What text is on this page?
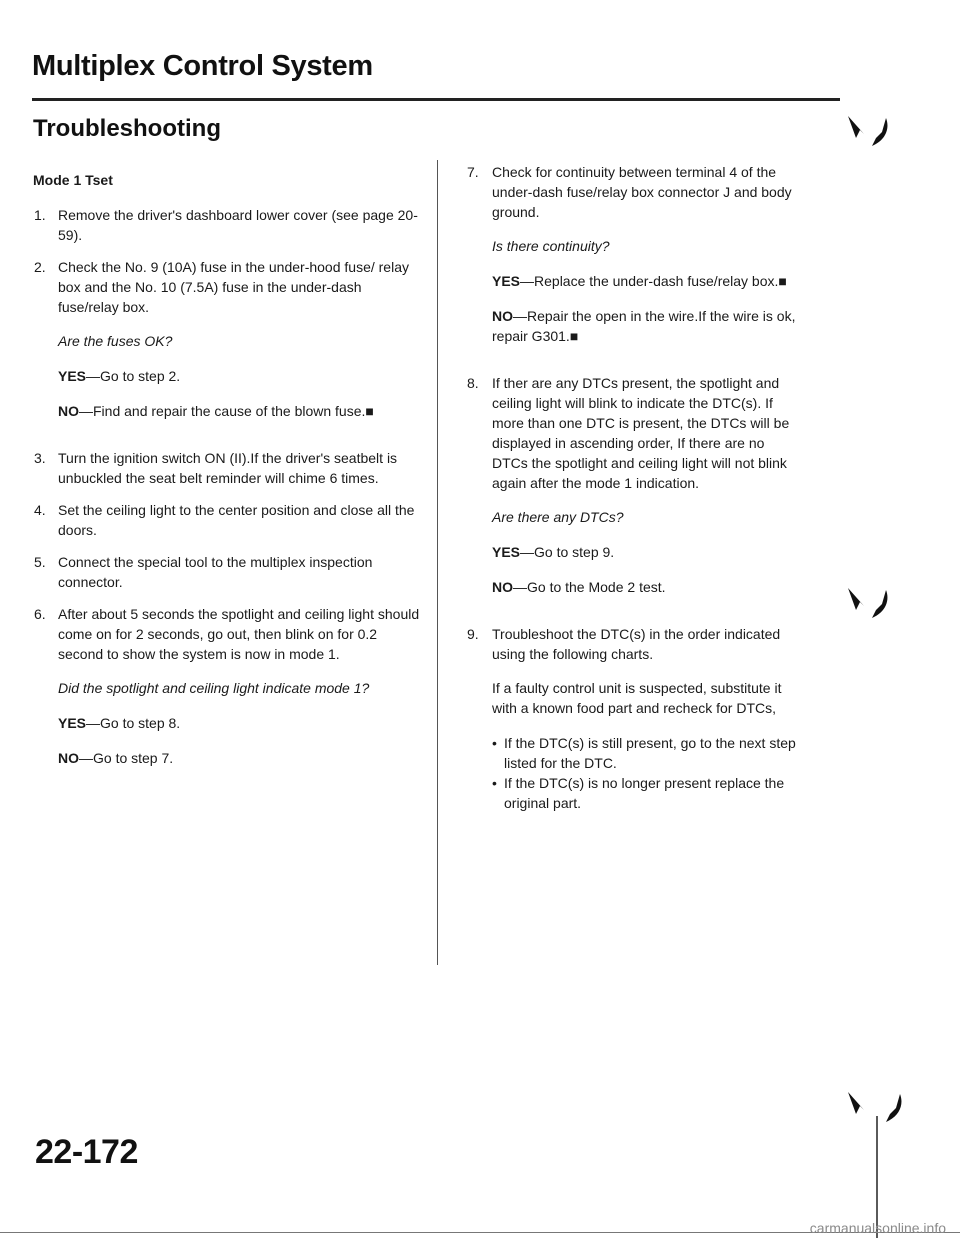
Multiplex Control System
Troubleshooting

Mode 1 Tset

1. Remove the driver's dashboard lower cover (see page 20-59).

2. Check the No. 9 (10A) fuse in the under-hood fuse/ relay box and the No. 10 (7.5A) fuse in the under-dash fuse/relay box.

Are the fuses OK?

YES—Go to step 2.

NO—Find and repair the cause of the blown fuse.■

3. Turn the ignition switch ON (II).If the driver's seatbelt is unbuckled the seat belt reminder will chime 6 times.

4. Set the ceiling light to the center position and close all the doors.

5. Connect the special tool to the multiplex inspection connector.

6. After about 5 seconds the spotlight and ceiling light should come on for 2 seconds, go out, then blink on for 0.2 second to show the system is now in mode 1.

Did the spotlight and ceiling light indicate mode 1?

YES—Go to step 8.

NO—Go to step 7.

7. Check for continuity between terminal 4 of the under-dash fuse/relay box connector J and body ground.

Is there continuity?

YES—Replace the under-dash fuse/relay box.■

NO—Repair the open in the wire.If the wire is ok, repair G301.■

8. If ther are any DTCs present, the spotlight and ceiling light will blink to indicate the DTC(s). If more than one DTC is present, the DTCs will be displayed in ascending order, If there are no DTCs the spotlight and ceiling light will not blink again after the mode 1 indication.

Are there any DTCs?

YES—Go to step 9.

NO—Go to the Mode 2 test.

9. Troubleshoot the DTC(s) in the order indicated using the following charts.

If a faulty control unit is suspected, substitute it with a known food part and recheck for DTCs,

• If the DTC(s) is still present, go to the next step listed for the DTC.
• If the DTC(s) is no longer present replace the original part.

22-172

carmanualsonline.info
